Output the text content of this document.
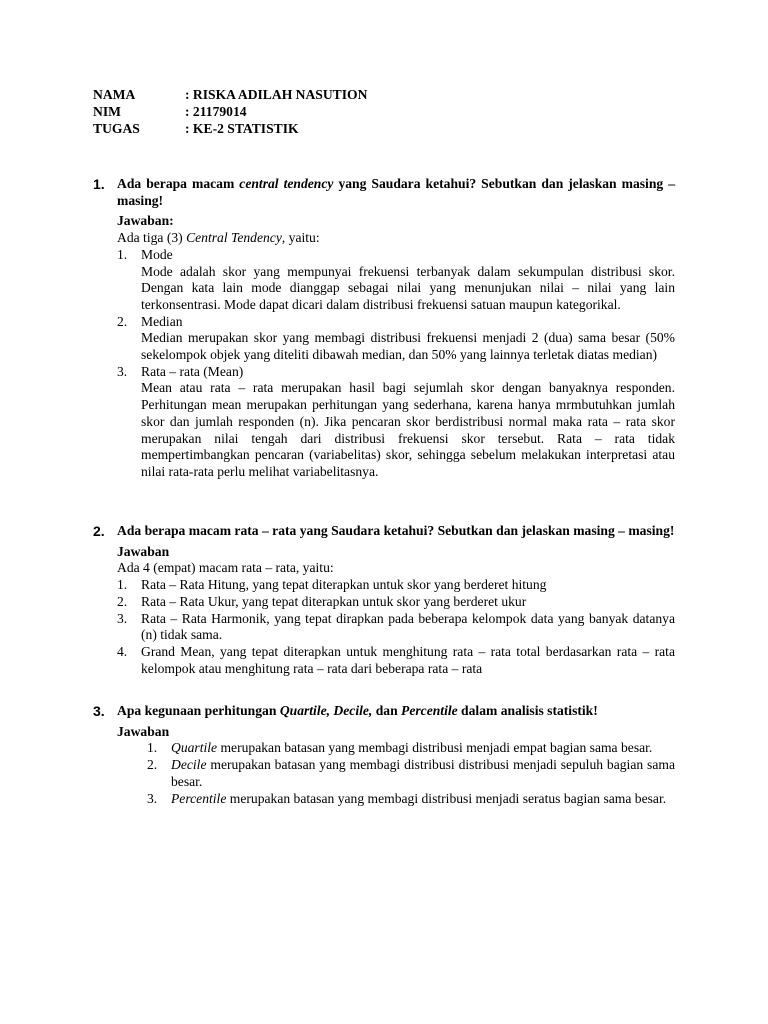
NAMA	: RISKA ADILAH NASUTION
NIM	: 21179014
TUGAS	: KE-2 STATISTIK
1. Ada berapa macam central tendency yang Saudara ketahui? Sebutkan dan jelaskan masing – masing!
Jawaban:
Ada tiga (3) Central Tendency, yaitu:
1.	Mode
Mode adalah skor yang mempunyai frekuensi terbanyak dalam sekumpulan distribusi skor. Dengan kata lain mode dianggap sebagai nilai yang menunjukan nilai – nilai yang lain terkonsentrasi. Mode dapat dicari dalam distribusi frekuensi satuan maupun kategorikal.
2.	Median
Median merupakan skor yang membagi distribusi frekuensi menjadi 2 (dua) sama besar (50% sekelompok objek yang diteliti dibawah median, dan 50% yang lainnya terletak diatas median)
3.	Rata – rata (Mean)
Mean atau rata – rata merupakan hasil bagi sejumlah skor dengan banyaknya responden. Perhitungan mean merupakan perhitungan yang sederhana, karena hanya mrmbutuhkan jumlah skor dan jumlah responden (n). Jika pencaran skor berdistribusi normal maka rata – rata skor merupakan nilai tengah dari distribusi frekuensi skor tersebut. Rata – rata tidak mempertimbangkan pencaran (variabelitas) skor, sehingga sebelum melakukan interpretasi atau nilai rata-rata perlu melihat variabelitasnya.
2. Ada berapa macam rata – rata yang Saudara ketahui? Sebutkan dan jelaskan masing – masing!
Jawaban
Ada 4 (empat) macam rata – rata, yaitu:
1.	Rata – Rata Hitung, yang tepat diterapkan untuk skor yang berderet hitung
2.	Rata – Rata Ukur, yang tepat diterapkan untuk skor yang berderet ukur
3.	Rata – Rata Harmonik, yang tepat dirapkan pada beberapa kelompok data yang banyak datanya (n) tidak sama.
4.	Grand Mean, yang tepat diterapkan untuk menghitung rata – rata total berdasarkan rata – rata kelompok atau menghitung rata – rata dari beberapa rata – rata
3. Apa kegunaan perhitungan Quartile, Decile, dan Percentile dalam analisis statistik!
Jawaban
1.	Quartile merupakan batasan yang membagi distribusi menjadi empat bagian sama besar.
2.	Decile merupakan batasan yang membagi distribusi distribusi menjadi sepuluh bagian sama besar.
3.	Percentile merupakan batasan yang membagi distribusi menjadi seratus bagian sama besar.
